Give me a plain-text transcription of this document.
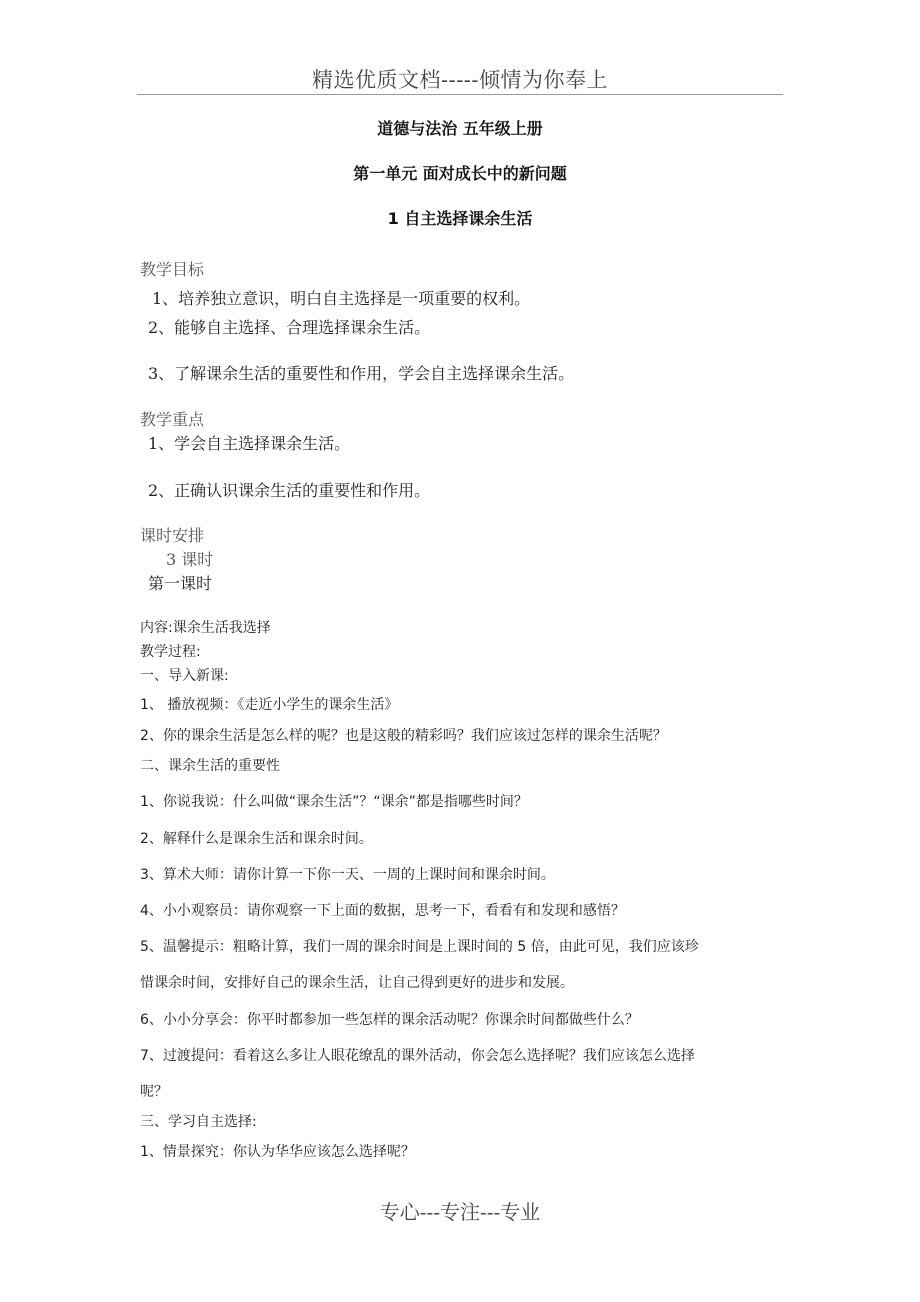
精选优质文档-----倾情为你奉上
道德与法治 五年级上册
第一单元 面对成长中的新问题
1 自主选择课余生活
教学目标
1、培养独立意识，明白自主选择是一项重要的权利。
2、能够自主选择、合理选择课余生活。
3、了解课余生活的重要性和作用，学会自主选择课余生活。
教学重点
1、学会自主选择课余生活。
2、正确认识课余生活的重要性和作用。
课时安排
3 课时
第一课时
内容:课余生活我选择
教学过程:
一、导入新课:
1、 播放视频：《走近小学生的课余生活》
2、你的课余生活是怎么样的呢？也是这般的精彩吗？我们应该过怎样的课余生活呢？
二、课余生活的重要性
1、你说我说：什么叫做“课余生活”？“课余”都是指哪些时间？
2、解释什么是课余生活和课余时间。
3、算术大师：请你计算一下你一天、一周的上课时间和课余时间。
4、小小观察员：请你观察一下上面的数据，思考一下，看看有和发现和感悟？
5、温馨提示：粗略计算，我们一周的课余时间是上课时间的 5 倍，由此可见，我们应该珍
惜课余时间，安排好自己的课余生活，让自己得到更好的进步和发展。
6、小小分享会：你平时都参加一些怎样的课余活动呢？你课余时间都做些什么？
7、过渡提问：看着这么多让人眼花缭乱的课外活动，你会怎么选择呢？我们应该怎么选择
呢？
三、学习自主选择:
1、情景探究：你认为华华应该怎么选择呢？
专心---专注---专业
